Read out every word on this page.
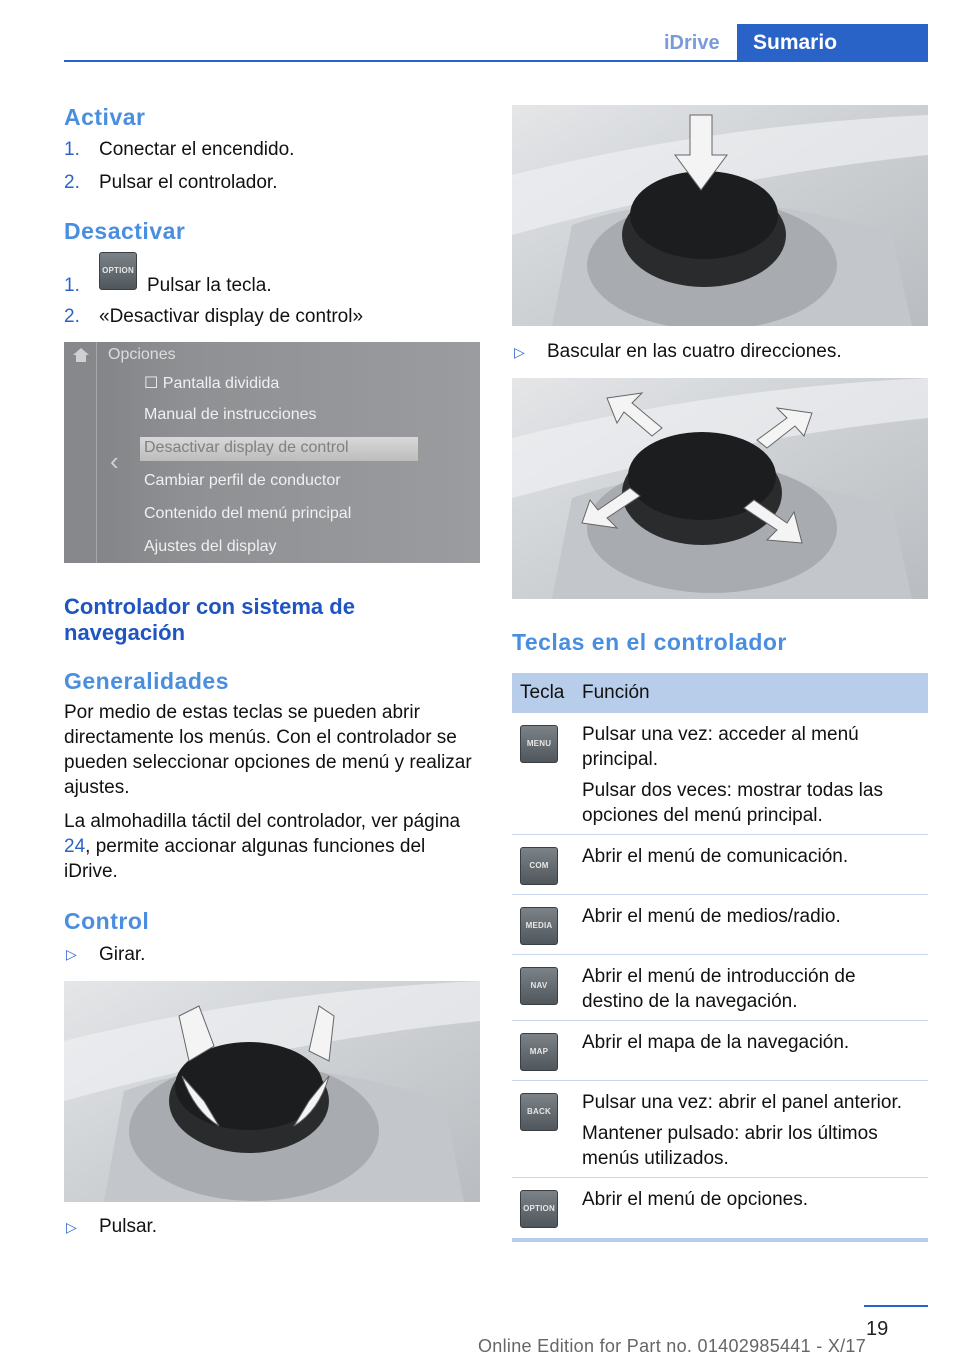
iDrive	Sumario
Activar
1. Conectar el encendido.
2. Pulsar el controlador.
Desactivar
1.
OPTION
Pulsar la tecla.
2. «Desactivar display de control»
‹
Opciones
☐ Pantalla dividida
Manual de instrucciones
Desactivar display de control
Cambiar perfil de conductor
Contenido del menú principal
Ajustes del display
Controlador con sistema de navegación
Generalidades
Por medio de estas teclas se pueden abrir directamente los menús. Con el controlador se pueden seleccionar opciones de menú y realizar ajustes.
La almohadilla táctil del controlador, ver página 24, permite accionar algunas funciones del iDrive.
Control
▷ Girar.
▷ Pulsar.
▷ Bascular en las cuatro direcciones.
Teclas en el controlador
Tecla Función
MENU	Pulsar una vez: acceder al menú principal.

Pulsar dos veces: mostrar todas las opciones del menú principal.

COM	Abrir el menú de comunicación.

MEDIA Abrir el menú de medios/radio.

NAV	Abrir el menú de introducción de destino de la navegación.

MAP	Abrir el mapa de la navegación.

BACK	Pulsar una vez: abrir el panel anterior.

Mantener pulsado: abrir los últimos menús utilizados.

OPTION Abrir el menú de opciones.

19
Online Edition for Part no. 01402985441 - X/17
